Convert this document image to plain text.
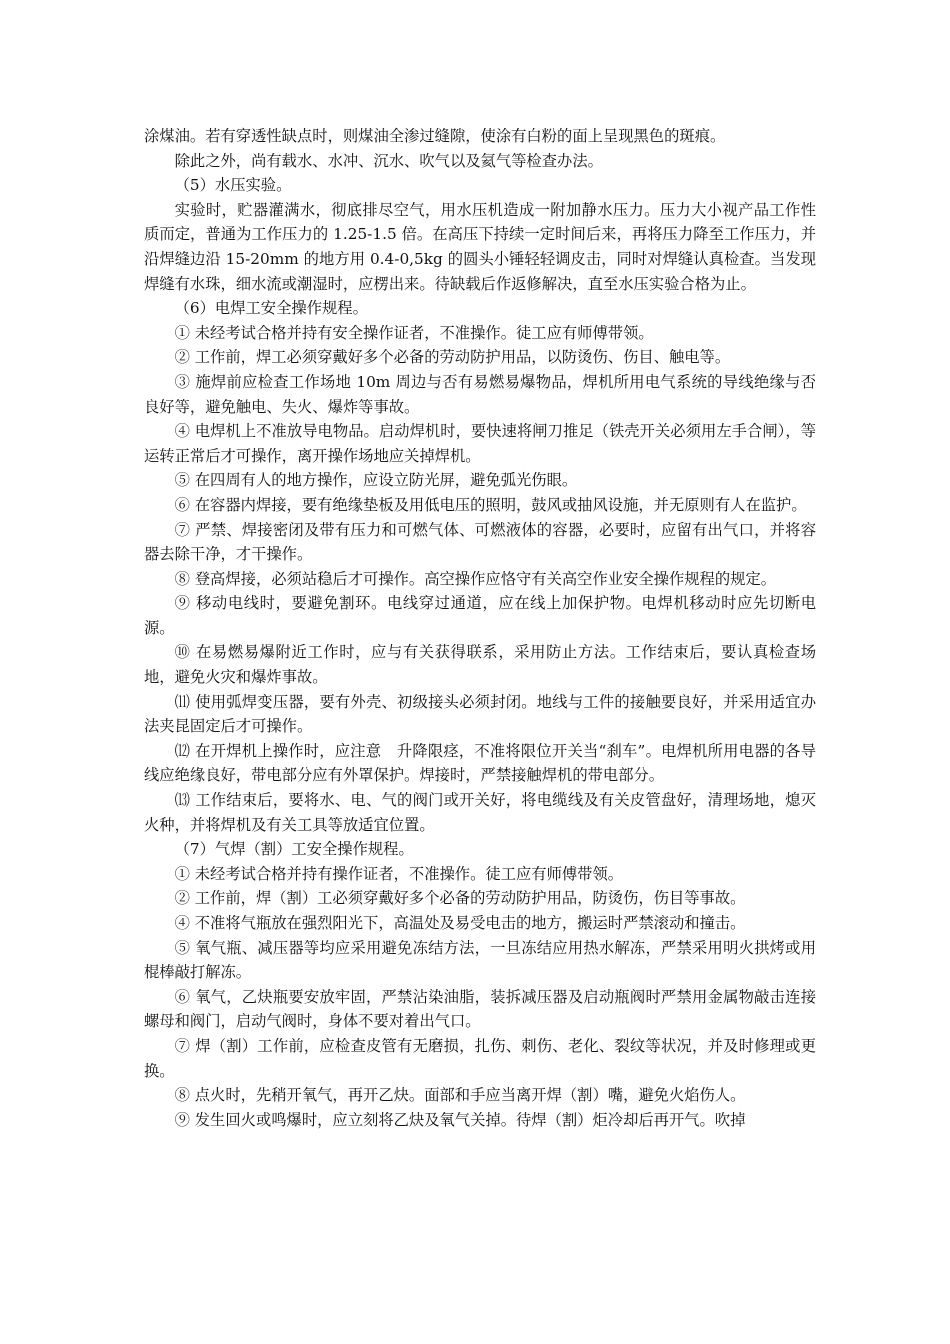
涂煤油。若有穿透性缺点时，则煤油全渗过缝隙，使涂有白粉的面上呈现黑色的斑痕。

除此之外，尚有载水、水冲、沉水、吹气以及氦气等检查办法。

（5）水压实验。

实验时，贮器灌满水，彻底排尽空气，用水压机造成一附加静水压力。压力大小视产品工作性质而定，普通为工作压力的 1.25-1.5 倍。在高压下持续一定时间后来，再将压力降至工作压力，并沿焊缝边沿 15-20mm 的地方用 0.4-0,5kg 的圆头小锤轻轻调皮击，同时对焊缝认真检查。当发现焊缝有水珠，细水流或潮湿时，应楞出来。待缺载后作返修解决，直至水压实验合格为止。

（6）电焊工安全操作规程。

① 未经考试合格并持有安全操作证者，不准操作。徒工应有师傅带领。

② 工作前，焊工必须穿戴好多个必备的劳动防护用品，以防烫伤、伤目、触电等。

③ 施焊前应检查工作场地 10m 周边与否有易燃易爆物品，焊机所用电气系统的导线绝缘与否良好等，避免触电、失火、爆炸等事故。

④ 电焊机上不准放导电物品。启动焊机时，要快速将闸刀推足（铁壳开关必须用左手合闸），等运转正常后才可操作，离开操作场地应关掉焊机。

⑤ 在四周有人的地方操作，应设立防光屏，避免弧光伤眼。

⑥ 在容器内焊接，要有绝缘垫板及用低电压的照明，鼓风或抽风设施，并无原则有人在监护。

⑦ 严禁、焊接密闭及带有压力和可燃气体、可燃液体的容器，必要时，应留有出气口，并将容器去除干净，才干操作。

⑧ 登高焊接，必须站稳后才可操作。高空操作应恪守有关高空作业安全操作规程的规定。

⑨ 移动电线时，要避免割环。电线穿过通道，应在线上加保护物。电焊机移动时应先切断电源。

⑩ 在易燃易爆附近工作时，应与有关获得联系，采用防止方法。工作结束后，要认真检查场地，避免火灾和爆炸事故。

⑾ 使用弧焊变压器，要有外壳、初级接头必须封闭。地线与工件的接触要良好，并采用适宜办法夹昆固定后才可操作。

⑿ 在开焊机上操作时，应注意　升降限痉，不准将限位开关当“刹车”。电焊机所用电器的各导线应绝缘良好，带电部分应有外罩保护。焊接时，严禁接触焊机的带电部分。

⒀ 工作结束后，要将水、电、气的阀门或开关好，将电缆线及有关皮管盘好，清理场地，熄灭火种，并将焊机及有关工具等放适宜位置。

（7）气焊（割）工安全操作规程。

① 未经考试合格并持有操作证者，不准操作。徒工应有师傅带领。

② 工作前，焊（割）工必须穿戴好多个必备的劳动防护用品，防烫伤，伤目等事故。

④ 不准将气瓶放在强烈阳光下，高温处及易受电击的地方，搬运时严禁滚动和撞击。

⑤ 氧气瓶、减压器等均应采用避免冻结方法，一旦冻结应用热水解冻，严禁采用明火拱烤或用棍棒敲打解冻。

⑥ 氧气，乙炔瓶要安放牢固，严禁沾染油脂，装拆减压器及启动瓶阀时严禁用金属物敲击连接螺母和阀门，启动气阀时，身体不要对着出气口。

⑦ 焊（割）工作前，应检查皮管有无磨损，扎伤、刺伤、老化、裂纹等状况，并及时修理或更换。

⑧ 点火时，先稍开氧气，再开乙炔。面部和手应当离开焊（割）嘴，避免火焰伤人。

⑨ 发生回火或鸣爆时，应立刻将乙炔及氧气关掉。待焊（割）炬冷却后再开气。吹掉
